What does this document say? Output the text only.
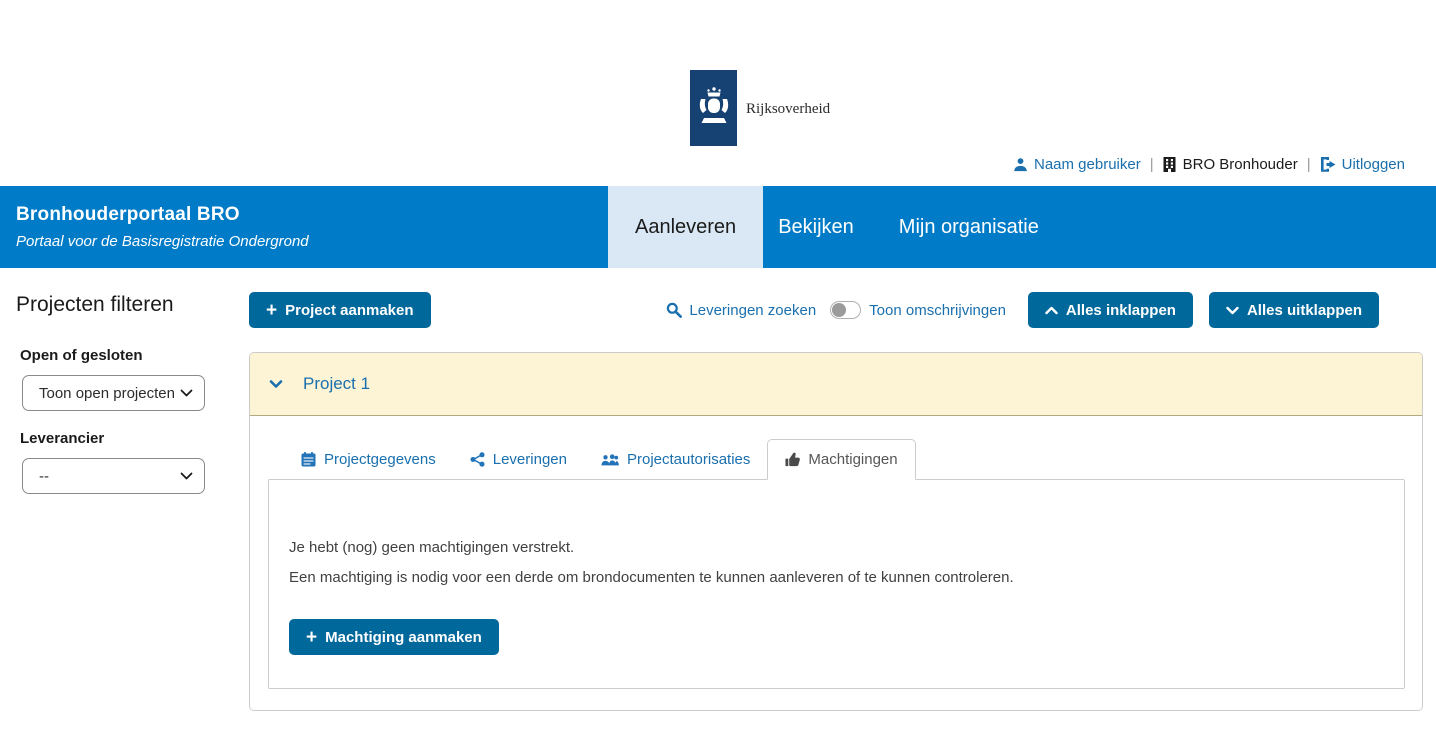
Rijksoverheid
Naam gebruiker | BRO Bronhouder | Uitloggen
Bronhouderportaal BRO
Portaal voor de Basisregistratie Ondergrond
Aanleveren Bekijken Mijn organisatie
Projecten filteren
Open of gesloten
Toon open projecten
Leverancier
--
+ Project aanmaken	Leveringen zoeken	Toon omschrijvingen	Alles inklappen	Alles uitklappen
Project 1
Projectgegevens	Leveringen	Projectautorisaties	Machtigingen

Je hebt (nog) geen machtigingen verstrekt.

Een machtiging is nodig voor een derde om brondocumenten te kunnen aanleveren of te kunnen controleren.

+ Machtiging aanmaken
